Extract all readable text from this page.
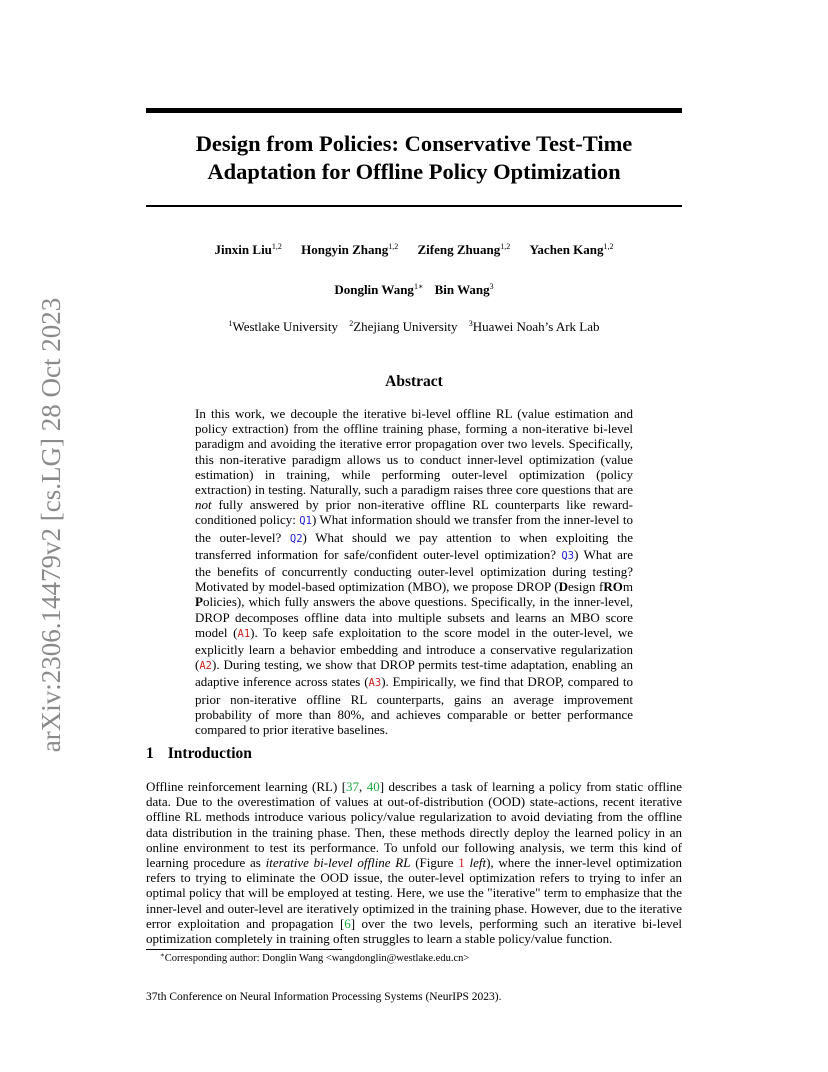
arXiv:2306.14479v2 [cs.LG] 28 Oct 2023
Design from Policies: Conservative Test-Time
Adaptation for Offline Policy Optimization
Jinxin Liu$^{1,2}$ Hongyin Zhang$^{1,2}$ Zifeng Zhuang$^{1,2}$ Yachen Kang$^{1,2}$
Donglin Wang$^{1∗}$ Bin Wang$^3$
$^1$Westlake University $^2$Zhejiang University $^3$Huawei Noah’s Ark Lab
Abstract
In this work, we decouple the iterative bi-level offline RL (value estimation and policy extraction) from the offline training phase, forming a non-iterative bi-level paradigm and avoiding the iterative error propagation over two levels. Specifically, this non-iterative paradigm allows us to conduct inner-level optimization (value estimation) in training, while performing outer-level optimization (policy extraction) in testing. Naturally, such a paradigm raises three core questions that are not fully answered by prior non-iterative offline RL counterparts like reward-conditioned policy: Q1) What information should we transfer from the inner-level to the outer-level? Q2) What should we pay attention to when exploiting the transferred information for safe/confident outer-level optimization? Q3) What are the benefits of concurrently conducting outer-level optimization during testing? Motivated by model-based optimization (MBO), we propose DROP (Design fROm Policies), which fully answers the above questions. Specifically, in the inner-level, DROP decomposes offline data into multiple subsets and learns an MBO score model (A1). To keep safe exploitation to the score model in the outer-level, we explicitly learn a behavior embedding and introduce a conservative regularization (A2). During testing, we show that DROP permits test-time adaptation, enabling an adaptive inference across states (A3). Empirically, we find that DROP, compared to prior non-iterative offline RL counterparts, gains an average improvement probability of more than 80%, and achieves comparable or better performance compared to prior iterative baselines.
1 Introduction
Offline reinforcement learning (RL) [37, 40] describes a task of learning a policy from static offline data. Due to the overestimation of values at out-of-distribution (OOD) state-actions, recent iterative offline RL methods introduce various policy/value regularization to avoid deviating from the offline data distribution in the training phase. Then, these methods directly deploy the learned policy in an online environment to test its performance. To unfold our following analysis, we term this kind of learning procedure as iterative bi-level offline RL (Figure 1 left), where the inner-level optimization refers to trying to eliminate the OOD issue, the outer-level optimization refers to trying to infer an optimal policy that will be employed at testing. Here, we use the "iterative" term to emphasize that the inner-level and outer-level are iteratively optimized in the training phase. However, due to the iterative error exploitation and propagation [6] over the two levels, performing such an iterative bi-level optimization completely in training often struggles to learn a stable policy/value function.
∗Corresponding author: Donglin Wang <wangdonglin@westlake.edu.cn>
37th Conference on Neural Information Processing Systems (NeurIPS 2023).
